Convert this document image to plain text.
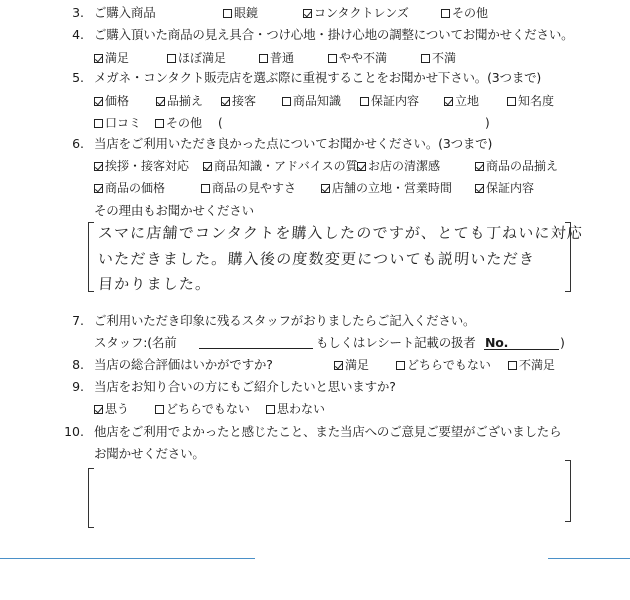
3. ご購入商品	眼鏡	コンタクトレンズ	その他
4. ご購入頂いた商品の見え具合・つけ心地・掛け心地の調整についてお聞かせください。
満足	ほぼ満足	普通	やや不満	不満
5. メガネ・コンタクト販売店を選ぶ際に重視することをお聞かせ下さい。(3つまで)
価格	品揃え	接客	商品知識	保証内容	立地	知名度
口コミ	その他 (	)
6. 当店をご利用いただき良かった点についてお聞かせください。(3つまで)
挨拶・接客対応	商品知識・アドバイスの質 お店の清潔感	商品の品揃え
商品の価格	商品の見やすさ	店舗の立地・営業時間	保証内容
その理由もお聞かせください
スマに店舗でコンタクトを購入したのですが、とても丁ねいに対応
いただきました。購入後の度数変更についても説明いただき
目かりました。
7. ご利用いただき印象に残るスタッフがおりましたらご記入ください。
スタッフ:(名前	もしくはレシート記載の扱者 No.	)
8. 当店の総合評価はいかがですか?	満足	どちらでもない	不満足
9. 当店をお知り合いの方にもご紹介したいと思いますか?
思う	どちらでもない	思わない
10. 他店をご利用でよかったと感じたこと、また当店へのご意見ご要望がございましたら
お聞かせください。
